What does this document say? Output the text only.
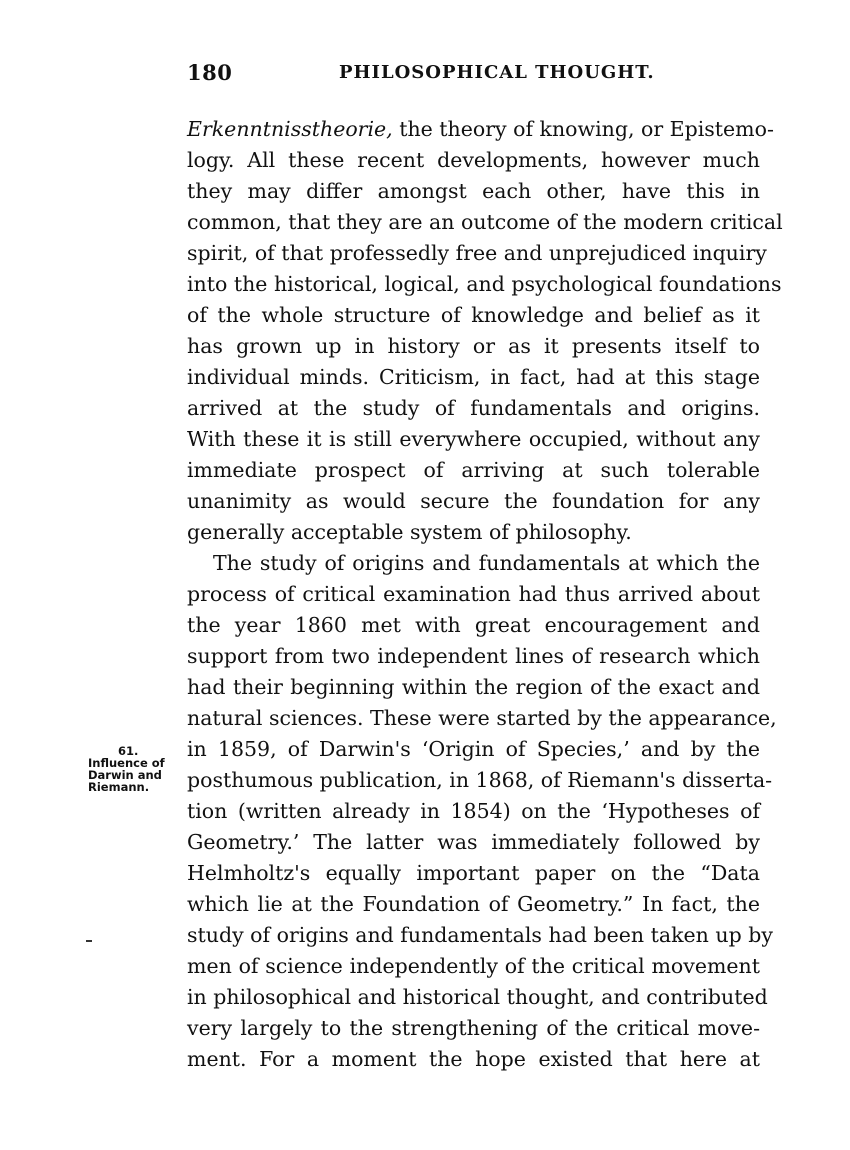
180	PHILOSOPHICAL THOUGHT.
61.
Influence of
Darwin and
Riemann.
Erkenntnisstheorie, the theory of knowing, or Epistemo-
logy. All these recent developments, however much
they may differ amongst each other, have this in
common, that they are an outcome of the modern critical
spirit, of that professedly free and unprejudiced inquiry
into the historical, logical, and psychological foundations
of the whole structure of knowledge and belief as it
has grown up in history or as it presents itself to
individual minds. Criticism, in fact, had at this stage
arrived at the study of fundamentals and origins.
With these it is still everywhere occupied, without any
immediate prospect of arriving at such tolerable
unanimity as would secure the foundation for any
generally acceptable system of philosophy.
The study of origins and fundamentals at which the
process of critical examination had thus arrived about
the year 1860 met with great encouragement and
support from two independent lines of research which
had their beginning within the region of the exact and
natural sciences. These were started by the appearance,
in 1859, of Darwin's ‘Origin of Species,’ and by the
posthumous publication, in 1868, of Riemann's disserta-
tion (written already in 1854) on the ‘Hypotheses of
Geometry.’ The latter was immediately followed by
Helmholtz's equally important paper on the “Data
which lie at the Foundation of Geometry.” In fact, the
study of origins and fundamentals had been taken up by
men of science independently of the critical movement
in philosophical and historical thought, and contributed
very largely to the strengthening of the critical move-
ment. For a moment the hope existed that here at
